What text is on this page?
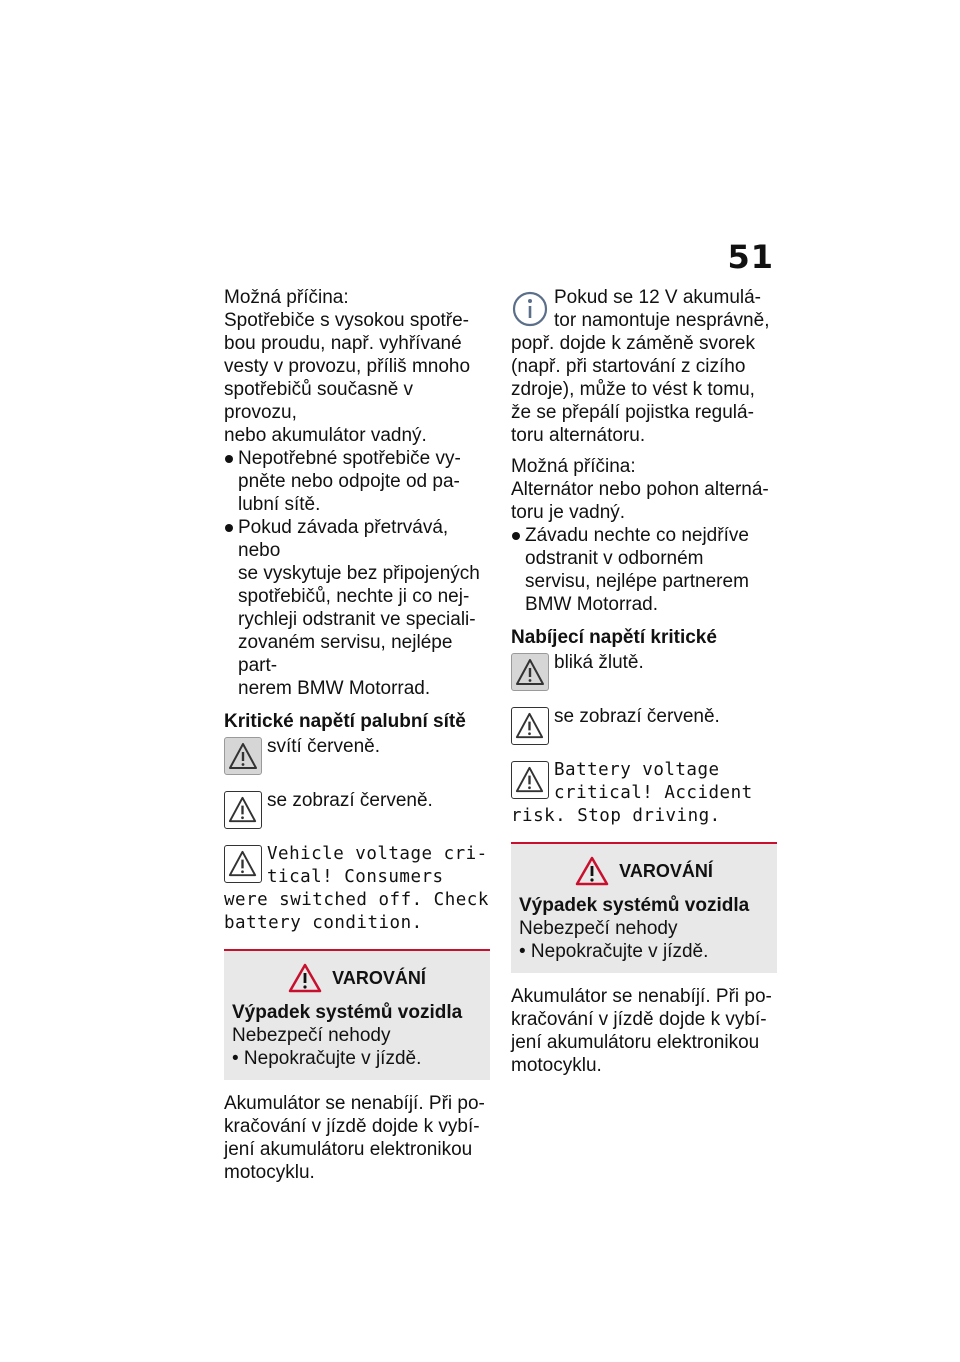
51

Možná příčina:

Spotřebiče s vysokou spotře-
bou proudu, např. vyhřívané
vesty v provozu, příliš mnoho
spotřebičů současně v provozu,
nebo akumulátor vadný.
Nepotřebné spotřebiče vy-
pněte nebo odpojte od pa-
lubní sítě.
Pokud závada přetrvává, nebo
se vyskytuje bez připojených
spotřebičů, nechte ji co nej-
rychleji odstranit ve speciali-
zovaném servisu, nejlépe part-
nerem BMW Motorrad.

Kritické napětí palubní sítě

svítí červeně.
se zobrazí červeně.
Vehicle voltage cri-
tical! Consumers
were switched off. Check
battery condition.
VAROVÁNÍ
Výpadek systémů vozidla
Nebezpečí nehody
• Nepokračujte v jízdě.
Akumulátor se nenabíjí. Při po-
kračování v jízdě dojde k vybí-
jení akumulátoru elektronikou
motocyklu.
Pokud se 12 V akumulá-
tor namontuje nesprávně,
popř. dojde k záměně svorek
(např. při startování z cizího
zdroje), může to vést k tomu,
že se přepálí pojistka regulá-
toru alternátoru.

Možná příčina:

Alternátor nebo pohon alterná-
toru je vadný.
Závadu nechte co nejdříve
odstranit v odborném
servisu, nejlépe partnerem
BMW Motorrad.

Nabíjecí napětí kritické

bliká žlutě.
se zobrazí červeně.
Battery voltage
critical! Accident
risk. Stop driving.
VAROVÁNÍ
Výpadek systémů vozidla
Nebezpečí nehody
• Nepokračujte v jízdě.
Akumulátor se nenabíjí. Při po-
kračování v jízdě dojde k vybí-
jení akumulátoru elektronikou
motocyklu.
